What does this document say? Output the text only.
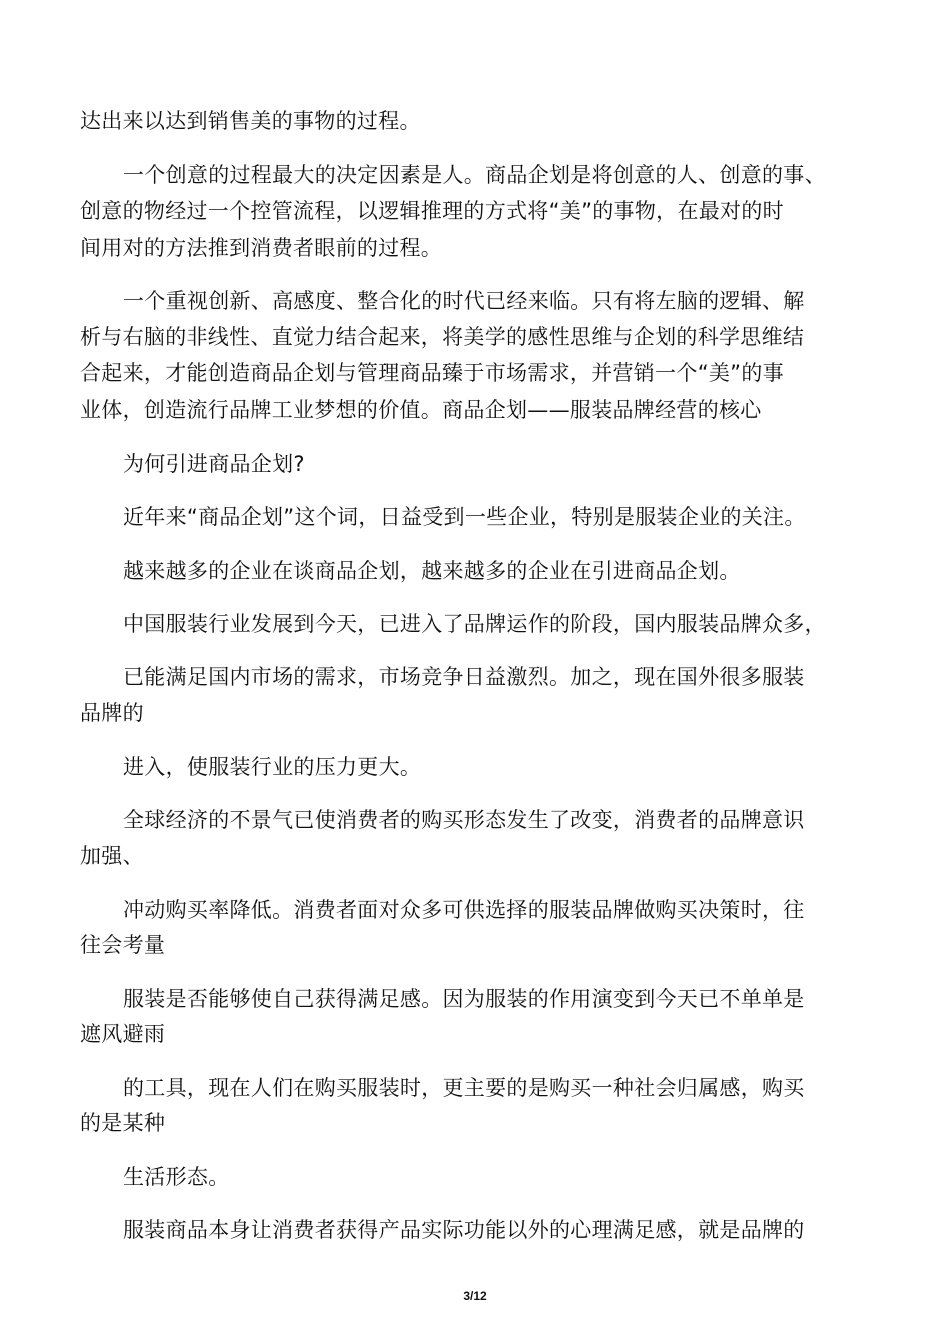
达出来以达到销售美的事物的过程。
一个创意的过程最大的决定因素是人。商品企划是将创意的人、创意的事、
创意的物经过一个控管流程，以逻辑推理的方式将“美”的事物，在最对的时
间用对的方法推到消费者眼前的过程。
一个重视创新、高感度、整合化的时代已经来临。只有将左脑的逻辑、解
析与右脑的非线性、直觉力结合起来，将美学的感性思维与企划的科学思维结
合起来，才能创造商品企划与管理商品臻于市场需求，并营销一个“美”的事
业体，创造流行品牌工业梦想的价值。商品企划——服装品牌经营的核心
为何引进商品企划?
近年来“商品企划”这个词，日益受到一些企业，特别是服装企业的关注。
越来越多的企业在谈商品企划，越来越多的企业在引进商品企划。
中国服装行业发展到今天，已进入了品牌运作的阶段，国内服装品牌众多，
已能满足国内市场的需求，市场竞争日益激烈。加之，现在国外很多服装
品牌的
进入，使服装行业的压力更大。
全球经济的不景气已使消费者的购买形态发生了改变，消费者的品牌意识
加强、
冲动购买率降低。消费者面对众多可供选择的服装品牌做购买决策时，往
往会考量
服装是否能够使自己获得满足感。因为服装的作用演变到今天已不单单是
遮风避雨
的工具，现在人们在购买服装时，更主要的是购买一种社会归属感，购买
的是某种
生活形态。
服装商品本身让消费者获得产品实际功能以外的心理满足感，就是品牌的
3/12
